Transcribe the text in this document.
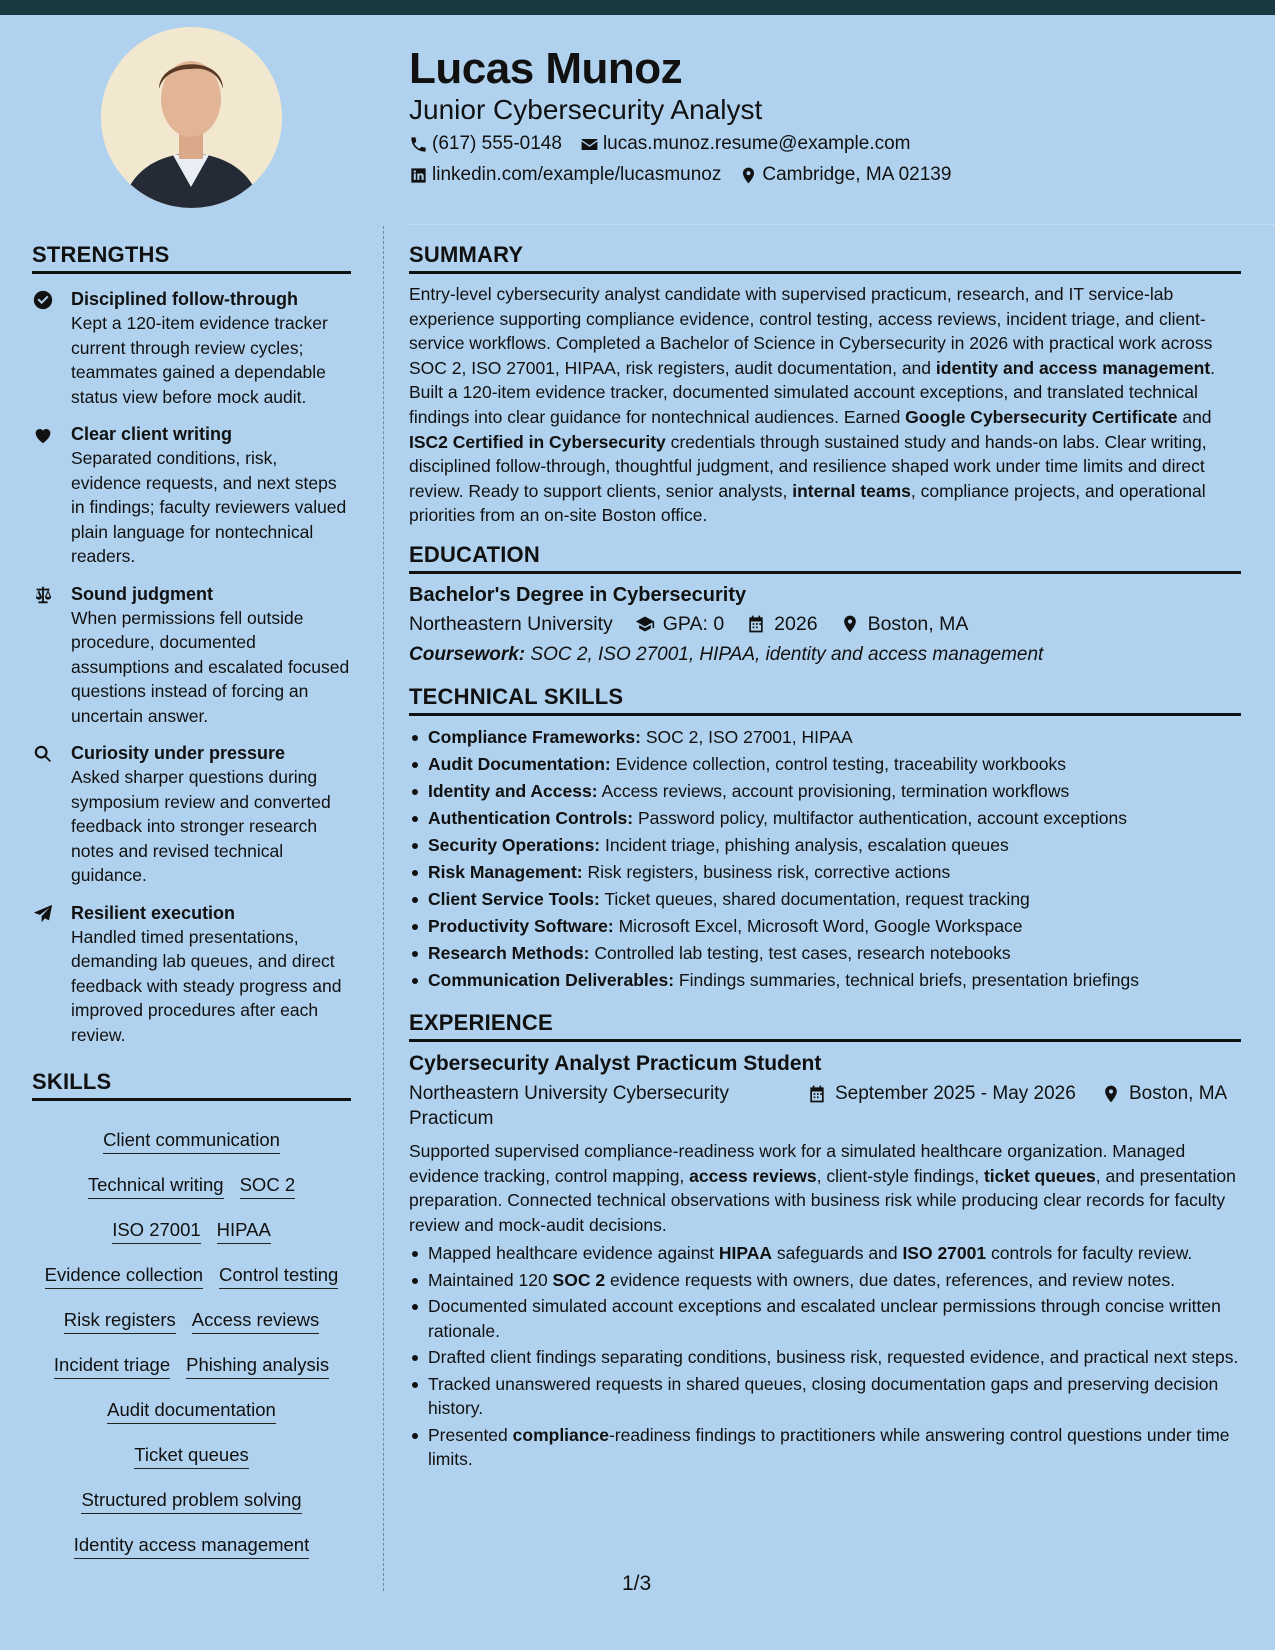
Lucas Munoz
Junior Cybersecurity Analyst
(617) 555-0148 lucas.munoz.resume@example.com
linkedin.com/example/lucasmunoz Cambridge, MA 02139
STRENGTHS
Disciplined follow-through
Kept a 120-item evidence tracker current through review cycles; teammates gained a dependable status view before mock audit.
Clear client writing
Separated conditions, risk, evidence requests, and next steps in findings; faculty reviewers valued plain language for nontechnical readers.
Sound judgment
When permissions fell outside procedure, documented assumptions and escalated focused questions instead of forcing an uncertain answer.
Curiosity under pressure
Asked sharper questions during symposium review and converted feedback into stronger research notes and revised technical guidance.
Resilient execution
Handled timed presentations, demanding lab queues, and direct feedback with steady progress and improved procedures after each review.
SKILLS
Client communication
Technical writing SOC 2
ISO 27001 HIPAA
Evidence collection Control testing
Risk registers Access reviews
Incident triage Phishing analysis
Audit documentation
Ticket queues
Structured problem solving
Identity access management
SUMMARY
Entry-level cybersecurity analyst candidate with supervised practicum, research, and IT service-lab experience supporting compliance evidence, control testing, access reviews, incident triage, and client-service workflows. Completed a Bachelor of Science in Cybersecurity in 2026 with practical work across SOC 2, ISO 27001, HIPAA, risk registers, audit documentation, and identity and access management. Built a 120-item evidence tracker, documented simulated account exceptions, and translated technical findings into clear guidance for nontechnical audiences. Earned Google Cybersecurity Certificate and ISC2 Certified in Cybersecurity credentials through sustained study and hands-on labs. Clear writing, disciplined follow-through, thoughtful judgment, and resilience shaped work under time limits and direct review. Ready to support clients, senior analysts, internal teams, compliance projects, and operational priorities from an on-site Boston office.
EDUCATION
Bachelor's Degree in Cybersecurity
Northeastern University	GPA: 0	2026	Boston, MA
Coursework: SOC 2, ISO 27001, HIPAA, identity and access management
TECHNICAL SKILLS
Compliance Frameworks: SOC 2, ISO 27001, HIPAA
Audit Documentation: Evidence collection, control testing, traceability workbooks
Identity and Access: Access reviews, account provisioning, termination workflows
Authentication Controls: Password policy, multifactor authentication, account exceptions
Security Operations: Incident triage, phishing analysis, escalation queues
Risk Management: Risk registers, business risk, corrective actions
Client Service Tools: Ticket queues, shared documentation, request tracking
Productivity Software: Microsoft Excel, Microsoft Word, Google Workspace
Research Methods: Controlled lab testing, test cases, research notebooks
Communication Deliverables: Findings summaries, technical briefs, presentation briefings
EXPERIENCE
Cybersecurity Analyst Practicum Student
Northeastern University Cybersecurity Practicum
September 2025 - May 2026	Boston, MA
Supported supervised compliance-readiness work for a simulated healthcare organization. Managed evidence tracking, control mapping, access reviews, client-style findings, ticket queues, and presentation preparation. Connected technical observations with business risk while producing clear records for faculty review and mock-audit decisions.
Mapped healthcare evidence against HIPAA safeguards and ISO 27001 controls for faculty review.
Maintained 120 SOC 2 evidence requests with owners, due dates, references, and review notes.
Documented simulated account exceptions and escalated unclear permissions through concise written rationale.
Drafted client findings separating conditions, business risk, requested evidence, and practical next steps.
Tracked unanswered requests in shared queues, closing documentation gaps and preserving decision history.
Presented compliance-readiness findings to practitioners while answering control questions under time limits.
1/3
